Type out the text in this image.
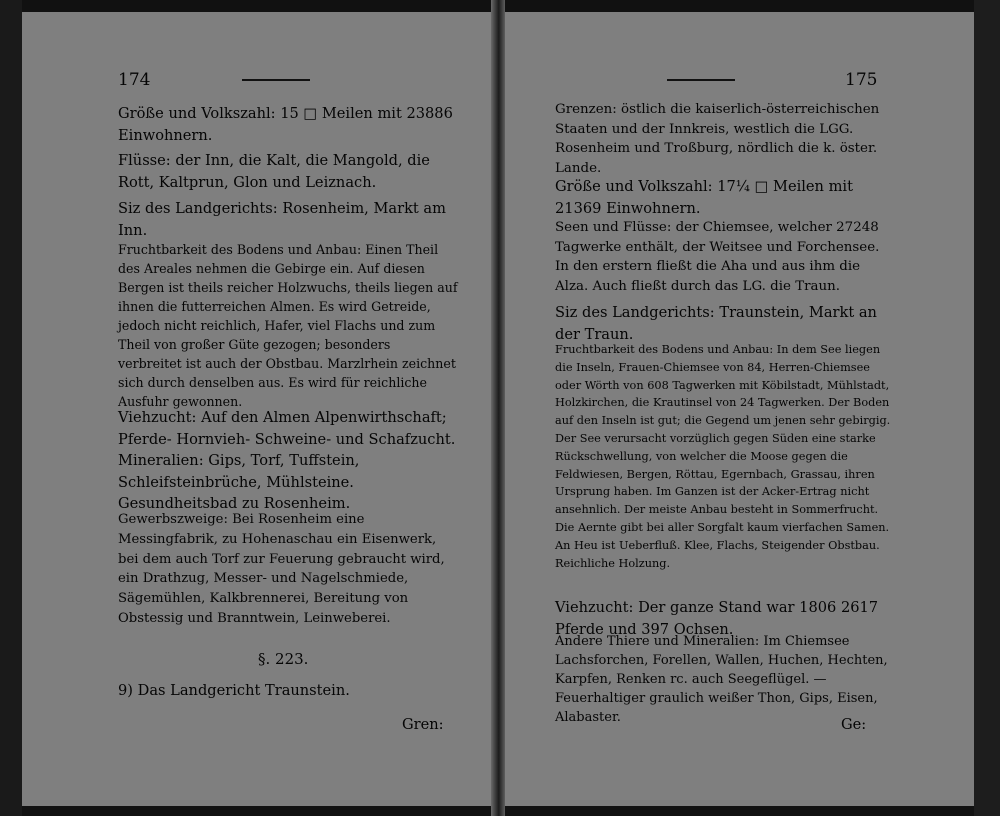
174

Größe und Volkszahl: 15 □ Meilen mit 23886 Einwohnern.

Flüsse: der Inn, die Kalt, die Mangold, die Rott, Kaltprun, Glon und Leiznach.

Siz des Landgerichts: Rosenheim, Markt am Inn.

Fruchtbarkeit des Bodens und Anbau: Einen Theil des Areales nehmen die Gebirge ein. Auf diesen Bergen ist theils reicher Holzwuchs, theils liegen auf ihnen die futterreichen Almen. Es wird Getreide, jedoch nicht reichlich, Hafer, viel Flachs und zum Theil von großer Güte gezogen; besonders verbreitet ist auch der Obstbau. Marzlrhein zeichnet sich durch denselben aus. Es wird für reichliche Ausfuhr gewonnen.

Viehzucht: Auf den Almen Alpenwirthschaft; Pferde- Hornvieh- Schweine- und Schafzucht.

Mineralien: Gips, Torf, Tuffstein, Schleifsteinbrüche, Mühlsteine. Gesundheitsbad zu Rosenheim.

Gewerbszweige: Bei Rosenheim eine Messingfabrik, zu Hohenaschau ein Eisenwerk, bei dem auch Torf zur Feuerung gebraucht wird, ein Drathzug, Messer- und Nagelschmiede, Sägemühlen, Kalkbrennerei, Bereitung von Obstessig und Branntwein, Leinweberei.

§. 223.
9) Das Landgericht Traunstein.
Gren:
175

Grenzen: östlich die kaiserlich-österreichischen Staaten und der Innkreis, westlich die LGG. Rosenheim und Troßburg, nördlich die k. öster. Lande.

Größe und Volkszahl: 17¼ □ Meilen mit 21369 Einwohnern.

Seen und Flüsse: der Chiemsee, welcher 27248 Tagwerke enthält, der Weitsee und Forchensee. In den erstern fließt die Aha und aus ihm die Alza. Auch fließt durch das LG. die Traun.

Siz des Landgerichts: Traunstein, Markt an der Traun.

Fruchtbarkeit des Bodens und Anbau: In dem See liegen die Inseln, Frauen-Chiemsee von 84, Herren-Chiemsee oder Wörth von 608 Tagwerken mit Köbilstadt, Mühlstadt, Holzkirchen, die Krautinsel von 24 Tagwerken. Der Boden auf den Inseln ist gut; die Gegend um jenen sehr gebirgig. Der See verursacht vorzüglich gegen Süden eine starke Rückschwellung, von welcher die Moose gegen die Feldwiesen, Bergen, Röttau, Egernbach, Grassau, ihren Ursprung haben. Im Ganzen ist der Acker-Ertrag nicht ansehnlich. Der meiste Anbau besteht in Sommerfrucht. Die Aernte gibt bei aller Sorgfalt kaum vierfachen Samen. An Heu ist Ueberfluß. Klee, Flachs, Steigender Obstbau. Reichliche Holzung.

Viehzucht: Der ganze Stand war 1806 2617 Pferde und 397 Ochsen.

Andere Thiere und Mineralien: Im Chiemsee Lachsforchen, Forellen, Wallen, Huchen, Hechten, Karpfen, Renken rc. auch Seegeflügel. — Feuerhaltiger graulich weißer Thon, Gips, Eisen, Alabaster.	Ge:
